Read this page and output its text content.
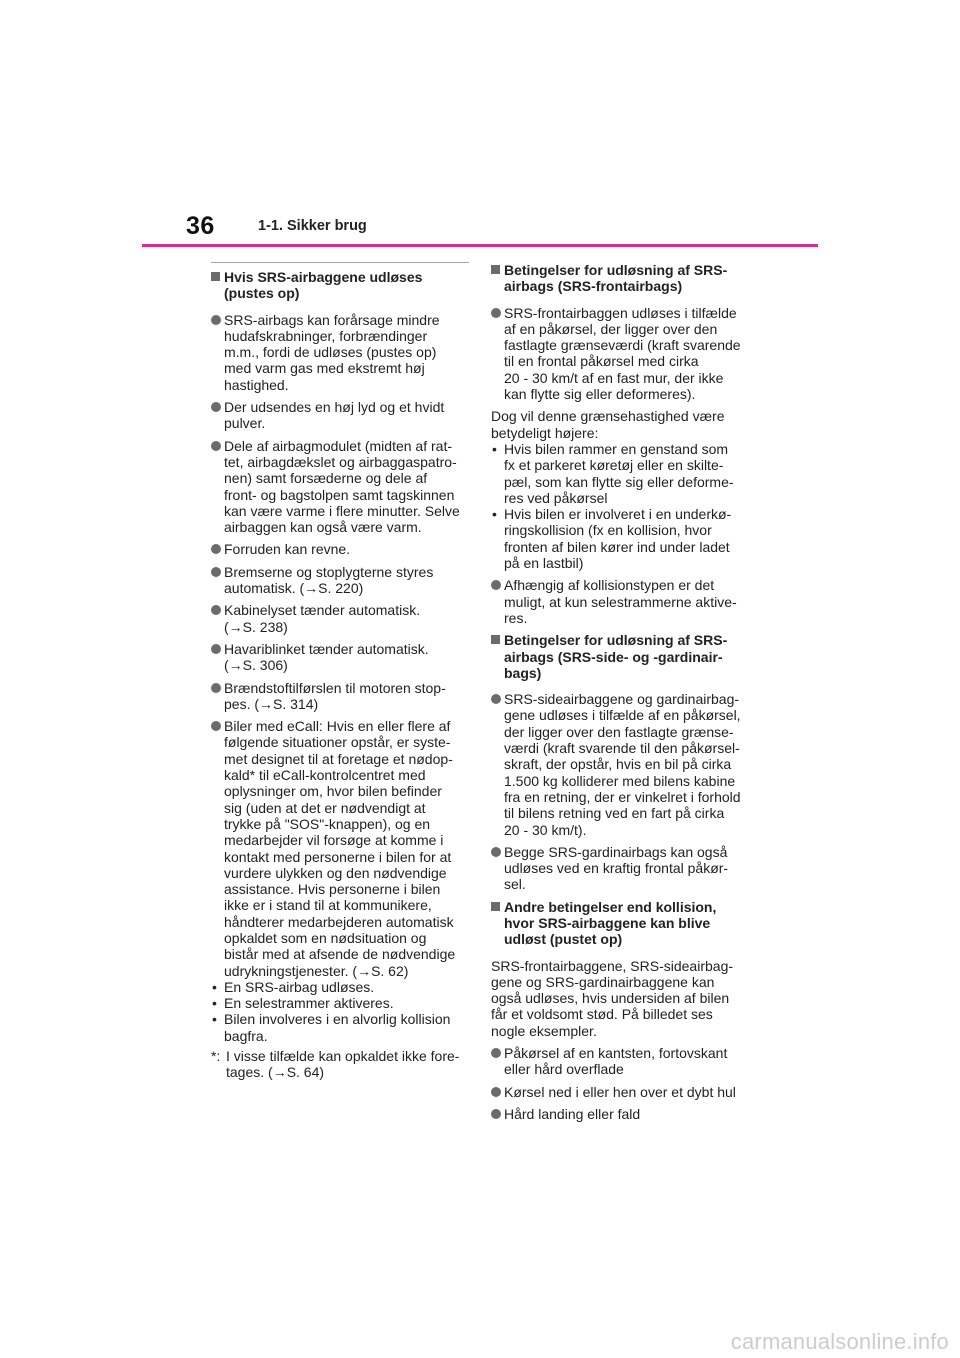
36	1-1. Sikker brug
Hvis SRS-airbaggene udløses
(pustes op)
SRS-airbags kan forårsage mindre
hudafskrabninger, forbrændinger
m.m., fordi de udløses (pustes op)
med varm gas med ekstremt høj
hastighed.
Der udsendes en høj lyd og et hvidt
pulver.
Dele af airbagmodulet (midten af rat-
tet, airbagdækslet og airbaggaspatro-
nen) samt forsæderne og dele af
front- og bagstolpen samt tagskinnen
kan være varme i flere minutter. Selve
airbaggen kan også være varm.
Forruden kan revne.
Bremserne og stoplygterne styres
automatisk. (→S. 220)
Kabinelyset tænder automatisk.
(→S. 238)
Havariblinket tænder automatisk.
(→S. 306)
Brændstoftilførslen til motoren stop-
pes. (→S. 314)
Biler med eCall: Hvis en eller flere af
følgende situationer opstår, er syste-
met designet til at foretage et nødop-
kald* til eCall-kontrolcentret med
oplysninger om, hvor bilen befinder
sig (uden at det er nødvendigt at
trykke på "SOS"-knappen), og en
medarbejder vil forsøge at komme i
kontakt med personerne i bilen for at
vurdere ulykken og den nødvendige
assistance. Hvis personerne i bilen
ikke er i stand til at kommunikere,
håndterer medarbejderen automatisk
opkaldet som en nødsituation og
bistår med at afsende de nødvendige
udrykningstjenester. (→S. 62)
• En SRS-airbag udløses.
• En selestrammer aktiveres.
• Bilen involveres i en alvorlig kollision
bagfra.
*: I visse tilfælde kan opkaldet ikke fore-
tages. (→S. 64)
Betingelser for udløsning af SRS-
airbags (SRS-frontairbags)
SRS-frontairbaggen udløses i tilfælde
af en påkørsel, der ligger over den
fastlagte grænseværdi (kraft svarende
til en frontal påkørsel med cirka
20 - 30 km/t af en fast mur, der ikke
kan flytte sig eller deformeres).
Dog vil denne grænsehastighed være
betydeligt højere:
• Hvis bilen rammer en genstand som
fx et parkeret køretøj eller en skilte-
pæl, som kan flytte sig eller deforme-
res ved påkørsel
• Hvis bilen er involveret i en underkø-
ringskollision (fx en kollision, hvor
fronten af bilen kører ind under ladet
på en lastbil)
Afhængig af kollisionstypen er det
muligt, at kun selestrammerne aktive-
res.
Betingelser for udløsning af SRS-
airbags (SRS-side- og -gardinair-
bags)
SRS-sideairbaggene og gardinairbag-
gene udløses i tilfælde af en påkørsel,
der ligger over den fastlagte grænse-
værdi (kraft svarende til den påkørsel-
skraft, der opstår, hvis en bil på cirka
1.500 kg kolliderer med bilens kabine
fra en retning, der er vinkelret i forhold
til bilens retning ved en fart på cirka
20 - 30 km/t).
Begge SRS-gardinairbags kan også
udløses ved en kraftig frontal påkør-
sel.
Andre betingelser end kollision,
hvor SRS-airbaggene kan blive
udløst (pustet op)
SRS-frontairbaggene, SRS-sideairbag-
gene og SRS-gardinairbaggene kan
også udløses, hvis undersiden af bilen
får et voldsomt stød. På billedet ses
nogle eksempler.
Påkørsel af en kantsten, fortovskant
eller hård overflade
Kørsel ned i eller hen over et dybt hul
Hård landing eller fald
carmanualsonline.info
